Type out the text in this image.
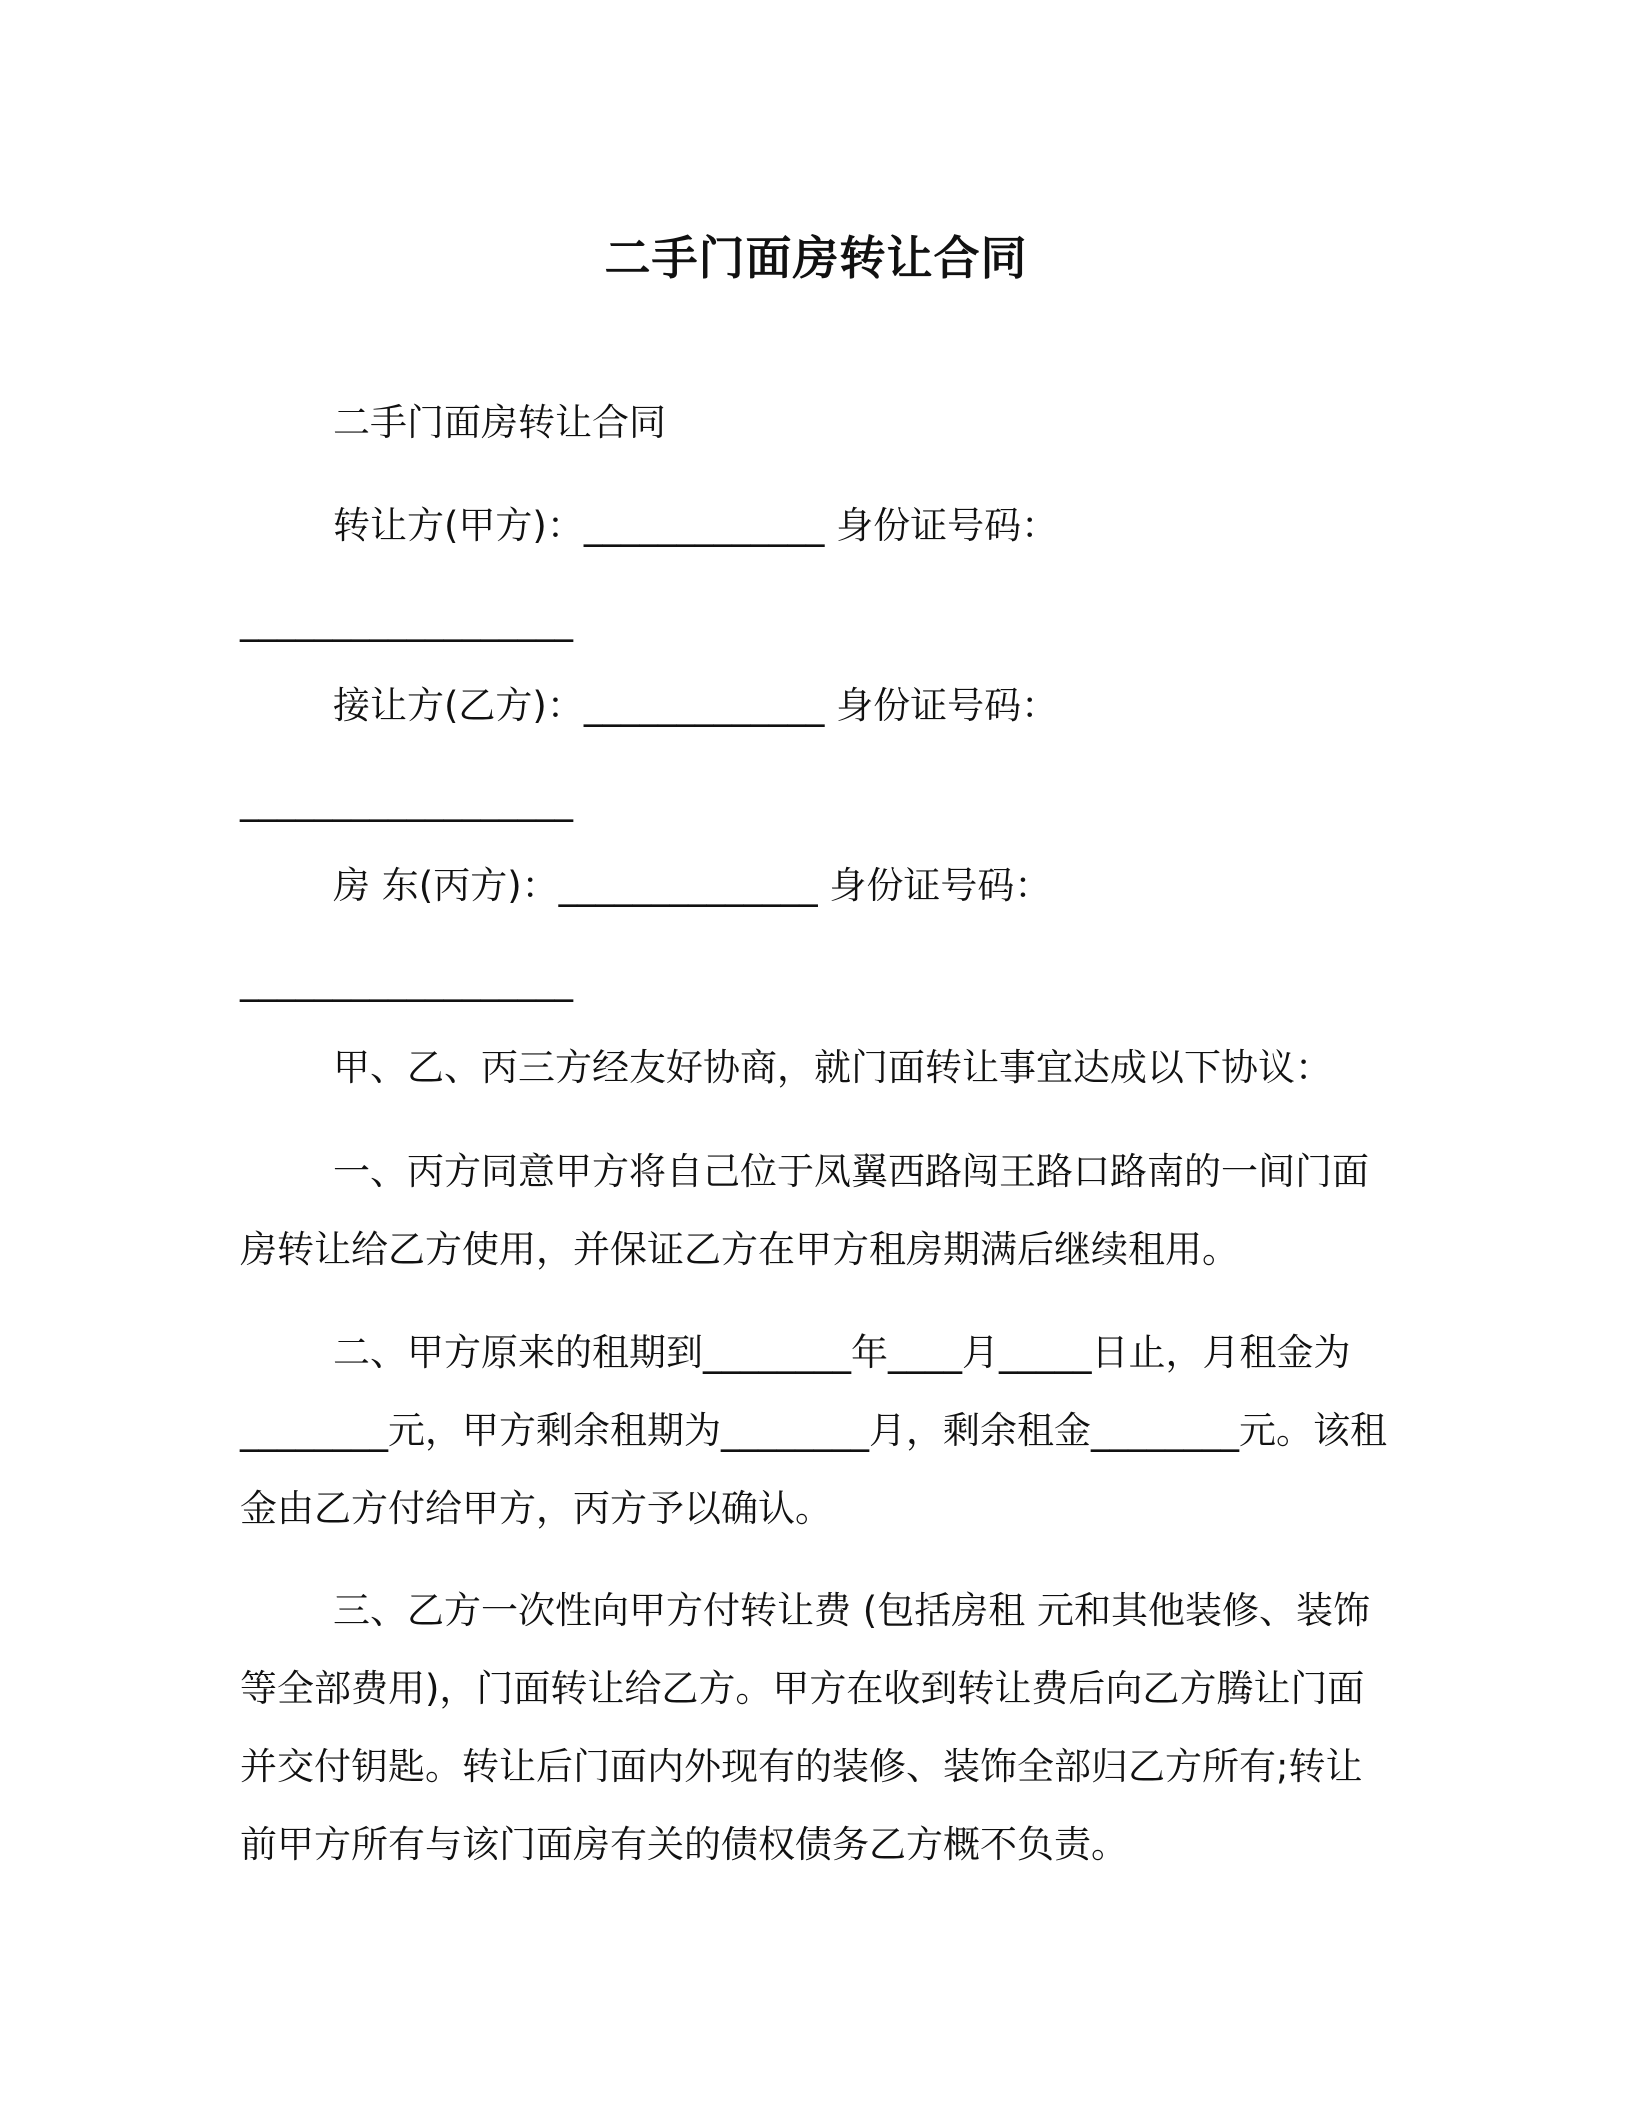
二手门面房转让合同
二手门面房转让合同
转让方(甲方)：_____________ 身份证号码：
__________________
接让方(乙方)：_____________ 身份证号码：
__________________
房 东(丙方)：______________ 身份证号码：
__________________
甲、乙、丙三方经友好协商，就门面转让事宜达成以下协议：
一、丙方同意甲方将自己位于凤翼西路闯王路口路南的一间门面
房转让给乙方使用，并保证乙方在甲方租房期满后继续租用。
二、甲方原来的租期到________年____月_____日止，月租金为
________元，甲方剩余租期为________月，剩余租金________元。该租
金由乙方付给甲方，丙方予以确认。
三、乙方一次性向甲方付转让费 (包括房租 元和其他装修、装饰
等全部费用)，门面转让给乙方。甲方在收到转让费后向乙方腾让门面
并交付钥匙。转让后门面内外现有的装修、装饰全部归乙方所有;转让
前甲方所有与该门面房有关的债权债务乙方概不负责。
